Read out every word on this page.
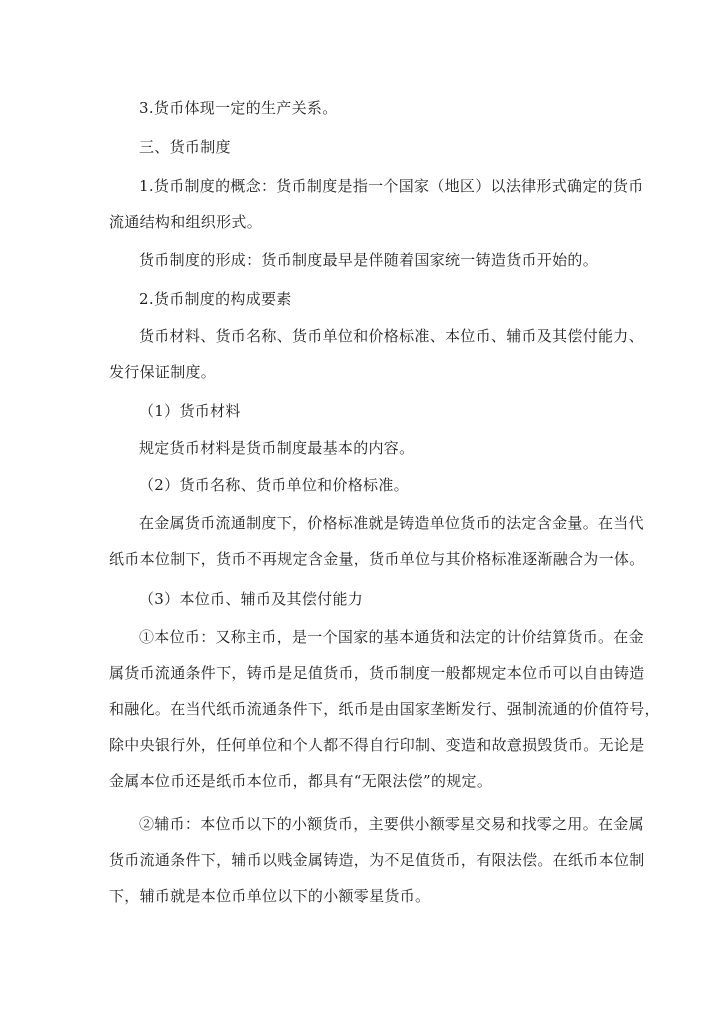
3.货币体现一定的生产关系。

三、货币制度

1.货币制度的概念：货币制度是指一个国家（地区）以法律形式确定的货币
流通结构和组织形式。

货币制度的形成：货币制度最早是伴随着国家统一铸造货币开始的。

2.货币制度的构成要素

货币材料、货币名称、货币单位和价格标准、本位币、辅币及其偿付能力、
发行保证制度。

（1）货币材料

规定货币材料是货币制度最基本的内容。

（2）货币名称、货币单位和价格标准。

在金属货币流通制度下，价格标准就是铸造单位货币的法定含金量。在当代
纸币本位制下，货币不再规定含金量，货币单位与其价格标准逐渐融合为一体。

（3）本位币、辅币及其偿付能力

①本位币：又称主币，是一个国家的基本通货和法定的计价结算货币。在金
属货币流通条件下，铸币是足值货币，货币制度一般都规定本位币可以自由铸造
和融化。在当代纸币流通条件下，纸币是由国家垄断发行、强制流通的价值符号，
除中央银行外，任何单位和个人都不得自行印制、变造和故意损毁货币。无论是
金属本位币还是纸币本位币，都具有“无限法偿”的规定。

②辅币：本位币以下的小额货币，主要供小额零星交易和找零之用。在金属
货币流通条件下，辅币以贱金属铸造，为不足值货币，有限法偿。在纸币本位制
下，辅币就是本位币单位以下的小额零星货币。
